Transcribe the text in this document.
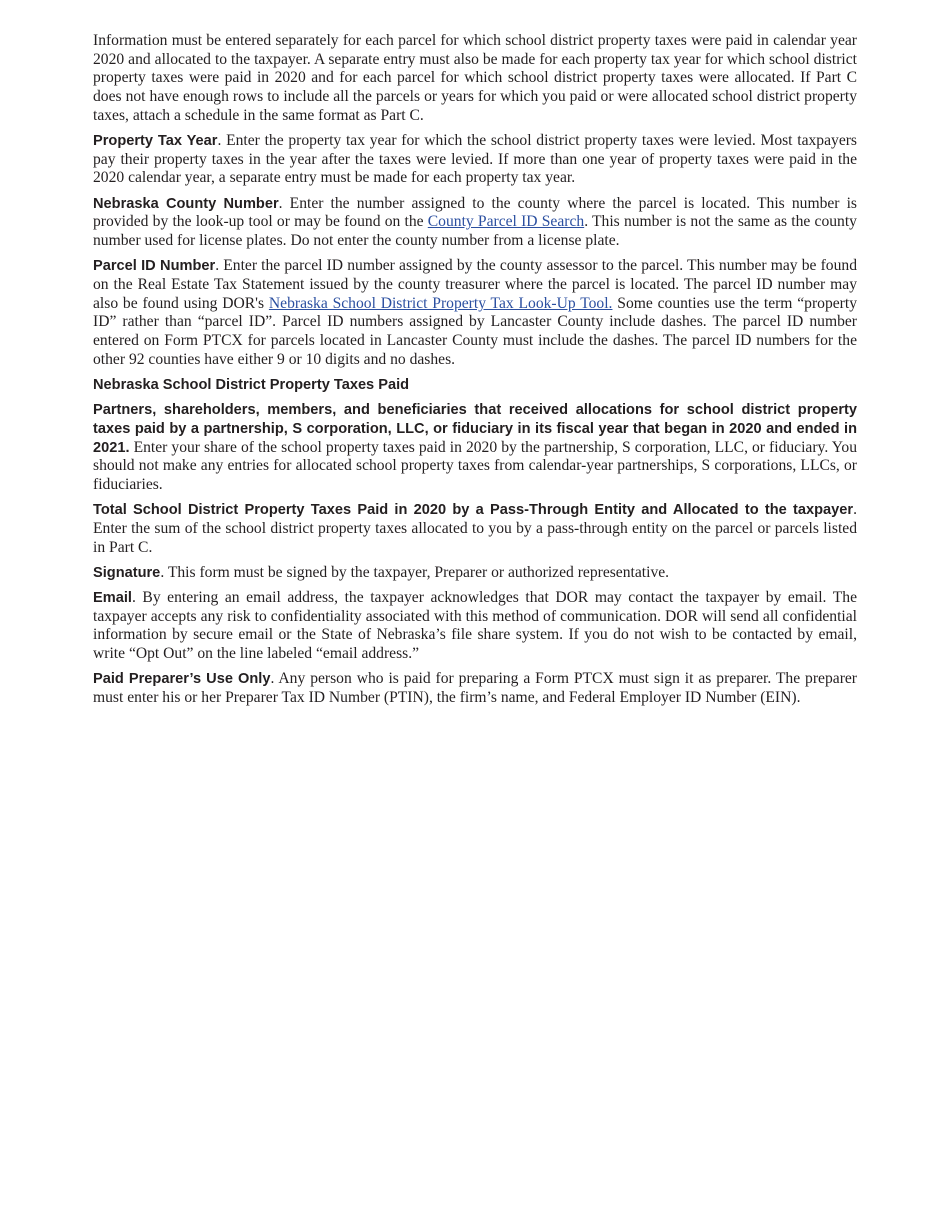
Information must be entered separately for each parcel for which school district property taxes were paid in calendar year 2020 and allocated to the taxpayer. A separate entry must also be made for each property tax year for which school district property taxes were paid in 2020 and for each parcel for which school district property taxes were allocated. If Part C does not have enough rows to include all the parcels or years for which you paid or were allocated school district property taxes, attach a schedule in the same format as Part C.

Property Tax Year. Enter the property tax year for which the school district property taxes were levied. Most taxpayers pay their property taxes in the year after the taxes were levied. If more than one year of property taxes were paid in the 2020 calendar year, a separate entry must be made for each property tax year.

Nebraska County Number. Enter the number assigned to the county where the parcel is located. This number is provided by the look-up tool or may be found on the County Parcel ID Search. This number is not the same as the county number used for license plates. Do not enter the county number from a license plate.

Parcel ID Number. Enter the parcel ID number assigned by the county assessor to the parcel. This number may be found on the Real Estate Tax Statement issued by the county treasurer where the parcel is located. The parcel ID number may also be found using DOR's Nebraska School District Property Tax Look-Up Tool. Some counties use the term “property ID” rather than “parcel ID”. Parcel ID numbers assigned by Lancaster County include dashes. The parcel ID number entered on Form PTCX for parcels located in Lancaster County must include the dashes. The parcel ID numbers for the other 92 counties have either 9 or 10 digits and no dashes.

Nebraska School District Property Taxes Paid

Partners, shareholders, members, and beneficiaries that received allocations for school district property taxes paid by a partnership, S corporation, LLC, or fiduciary in its fiscal year that began in 2020 and ended in 2021. Enter your share of the school property taxes paid in 2020 by the partnership, S corporation, LLC, or fiduciary. You should not make any entries for allocated school property taxes from calendar-year partnerships, S corporations, LLCs, or fiduciaries.

Total School District Property Taxes Paid in 2020 by a Pass-Through Entity and Allocated to the taxpayer. Enter the sum of the school district property taxes allocated to you by a pass-through entity on the parcel or parcels listed in Part C.

Signature. This form must be signed by the taxpayer, Preparer or authorized representative.

Email. By entering an email address, the taxpayer acknowledges that DOR may contact the taxpayer by email. The taxpayer accepts any risk to confidentiality associated with this method of communication. DOR will send all confidential information by secure email or the State of Nebraska’s file share system. If you do not wish to be contacted by email, write “Opt Out” on the line labeled “email address.”

Paid Preparer’s Use Only. Any person who is paid for preparing a Form PTCX must sign it as preparer. The preparer must enter his or her Preparer Tax ID Number (PTIN), the firm’s name, and Federal Employer ID Number (EIN).
